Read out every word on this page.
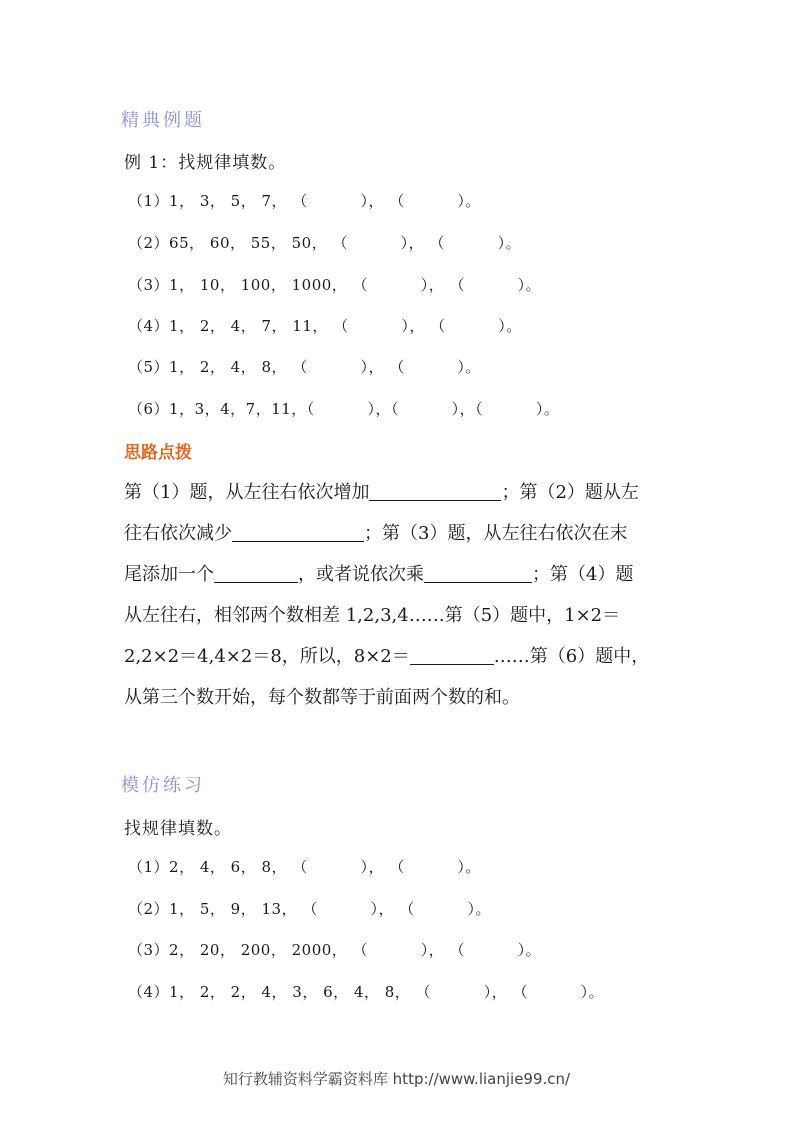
精典例题
例 1：找规律填数。
（1）1， 3， 5， 7， （          ）， （          ）。
（2）65， 60， 55， 50， （          ）， （          ）。
（3）1， 10， 100， 1000， （          ）， （          ）。
（4）1， 2， 4， 7， 11， （          ）， （          ）。
（5）1， 2， 4， 8， （          ）， （          ）。
（6）1，3，4，7，11，（          ），（          ），（          ）。
思路点拨
第（1）题，从左往右依次增加	；第（2）题从左
往右依次减少	；第（3）题，从左往右依次在末
尾添加一个	，或者说依次乘	；第（4）题
从左往右，相邻两个数相差 1,2,3,4……第（5）题中，1×2＝
2,2×2＝4,4×2＝8，所以，8×2＝	……第（6）题中，
从第三个数开始，每个数都等于前面两个数的和。
模仿练习
找规律填数。
（1）2， 4， 6， 8， （          ）， （          ）。
（2）1， 5， 9， 13， （          ）， （          ）。
（3）2， 20， 200， 2000， （          ）， （          ）。
（4）1， 2， 2， 4， 3， 6， 4， 8， （          ）， （          ）。
知行教辅资料学霸资料库 http://www.lianjie99.cn/
